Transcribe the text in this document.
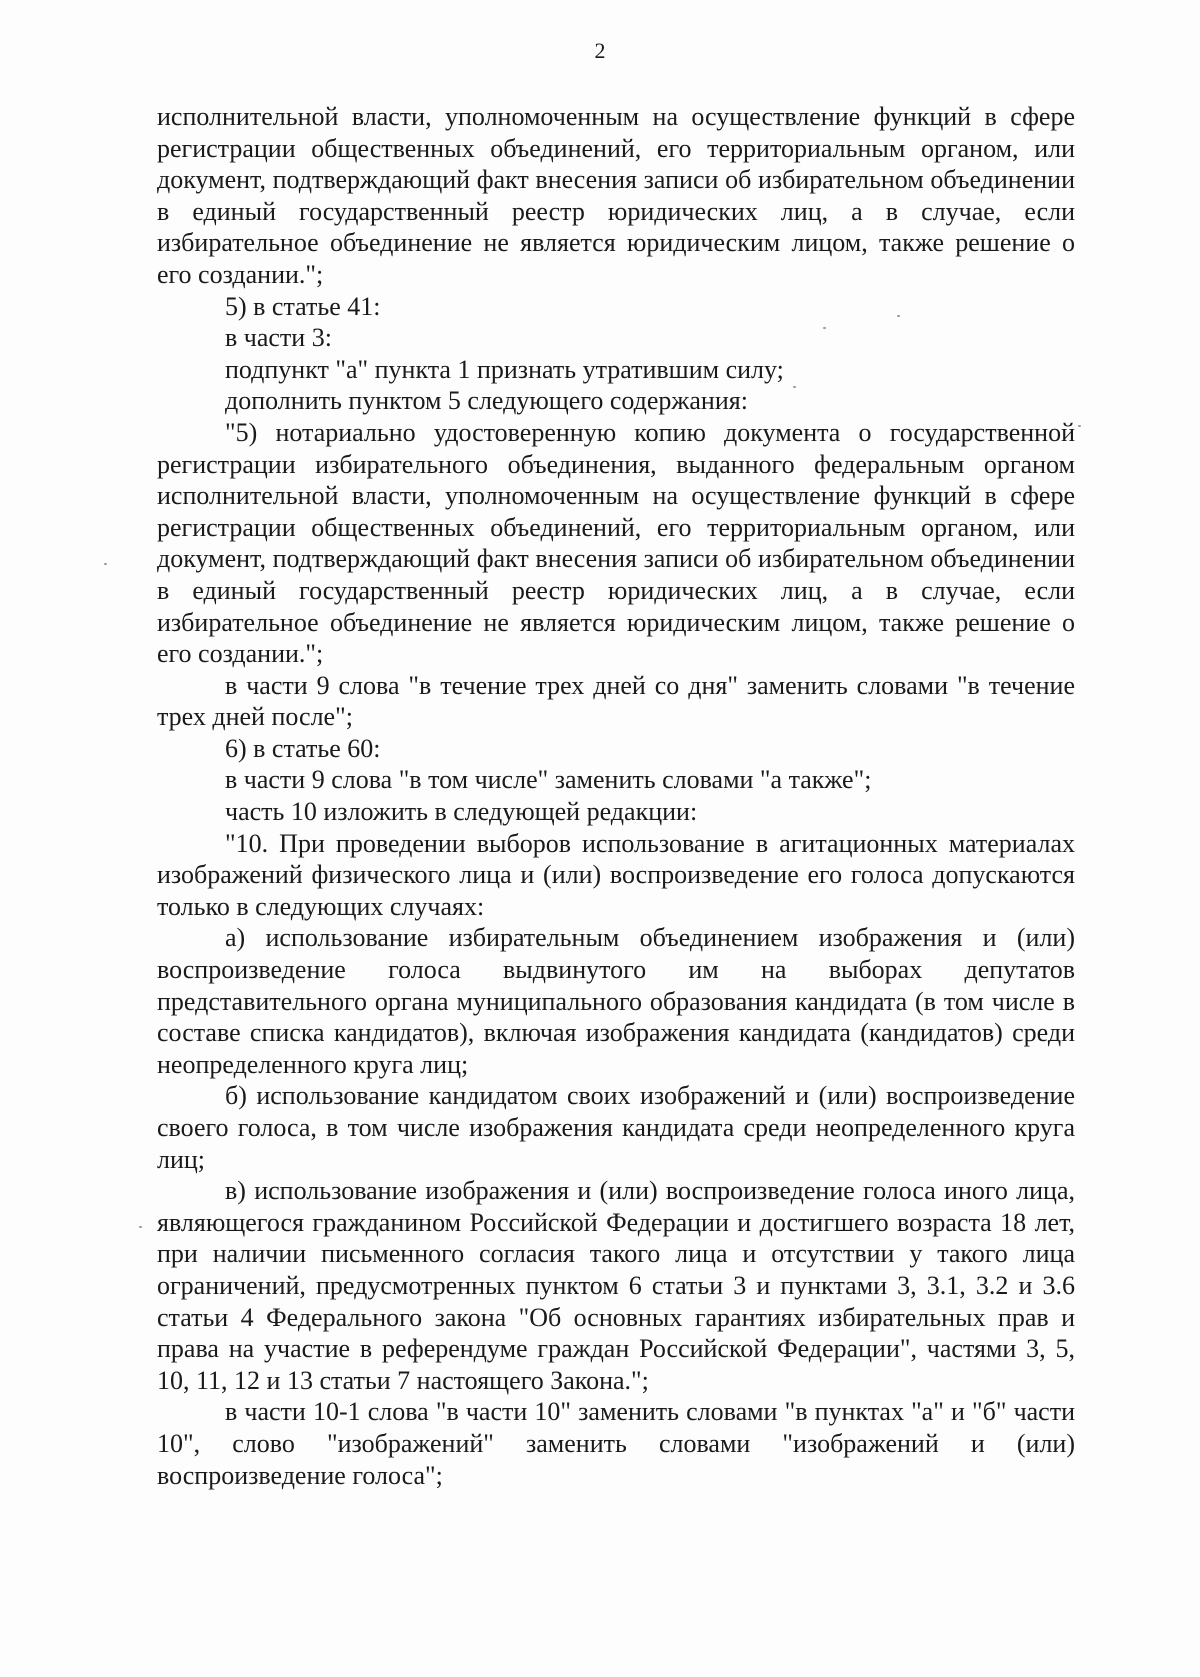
2

исполнительной власти, уполномоченным на осуществление функций в сфере регистрации общественных объединений, его территориальным органом, или документ, подтверждающий факт внесения записи об избирательном объединении в единый государственный реестр юридических лиц, а в случае, если избирательное объединение не является юридическим лицом, также решение о его создании.";

5) в статье 41:

в части 3:

подпункт "а" пункта 1 признать утратившим силу;

дополнить пунктом 5 следующего содержания:

"5) нотариально удостоверенную копию документа о государственной регистрации избирательного объединения, выданного федеральным органом исполнительной власти, уполномоченным на осуществление функций в сфере регистрации общественных объединений, его территориальным органом, или документ, подтверждающий факт внесения записи об избирательном объединении в единый государственный реестр юридических лиц, а в случае, если избирательное объединение не является юридическим лицом, также решение о его создании.";

в части 9 слова "в течение трех дней со дня" заменить словами "в течение трех дней после";

6) в статье 60:

в части 9 слова "в том числе" заменить словами "а также";

часть 10 изложить в следующей редакции:

"10. При проведении выборов использование в агитационных материалах изображений физического лица и (или) воспроизведение его голоса допускаются только в следующих случаях:

а) использование избирательным объединением изображения и (или) воспроизведение голоса выдвинутого им на выборах депутатов представительного органа муниципального образования кандидата (в том числе в составе списка кандидатов), включая изображения кандидата (кандидатов) среди неопределенного круга лиц;

б) использование кандидатом своих изображений и (или) воспроизведение своего голоса, в том числе изображения кандидата среди неопределенного круга лиц;

в) использование изображения и (или) воспроизведение голоса иного лица, являющегося гражданином Российской Федерации и достигшего возраста 18 лет, при наличии письменного согласия такого лица и отсутствии у такого лица ограничений, предусмотренных пунктом 6 статьи 3 и пунктами 3, 3.1, 3.2 и 3.6 статьи 4 Федерального закона "Об основных гарантиях избирательных прав и права на участие в референдуме граждан Российской Федерации", частями 3, 5, 10, 11, 12 и 13 статьи 7 настоящего Закона.";

в части 10-1 слова "в части 10" заменить словами "в пунктах "а" и "б" части 10", слово "изображений" заменить словами "изображений и (или) воспроизведение голоса";
